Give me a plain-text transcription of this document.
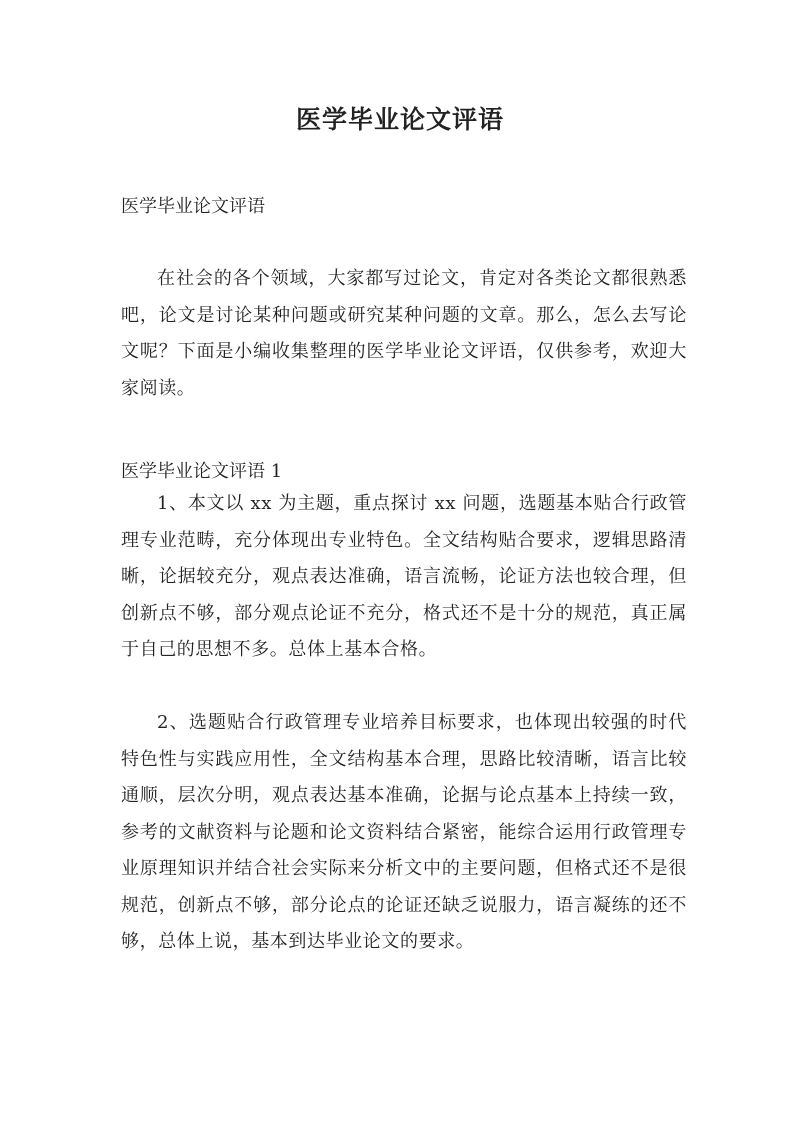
医学毕业论文评语

医学毕业论文评语

在社会的各个领域，大家都写过论文，肯定对各类论文都很熟悉吧，论文是讨论某种问题或研究某种问题的文章。那么，怎么去写论文呢？下面是小编收集整理的医学毕业论文评语，仅供参考，欢迎大家阅读。

医学毕业论文评语 1

1、本文以 xx 为主题，重点探讨 xx 问题，选题基本贴合行政管理专业范畴，充分体现出专业特色。全文结构贴合要求，逻辑思路清晰，论据较充分，观点表达准确，语言流畅，论证方法也较合理，但创新点不够，部分观点论证不充分，格式还不是十分的规范，真正属于自己的思想不多。总体上基本合格。

2、选题贴合行政管理专业培养目标要求，也体现出较强的时代特色性与实践应用性，全文结构基本合理，思路比较清晰，语言比较通顺，层次分明，观点表达基本准确，论据与论点基本上持续一致，参考的文献资料与论题和论文资料结合紧密，能综合运用行政管理专业原理知识并结合社会实际来分析文中的主要问题，但格式还不是很规范，创新点不够，部分论点的论证还缺乏说服力，语言凝练的还不够，总体上说，基本到达毕业论文的要求。
